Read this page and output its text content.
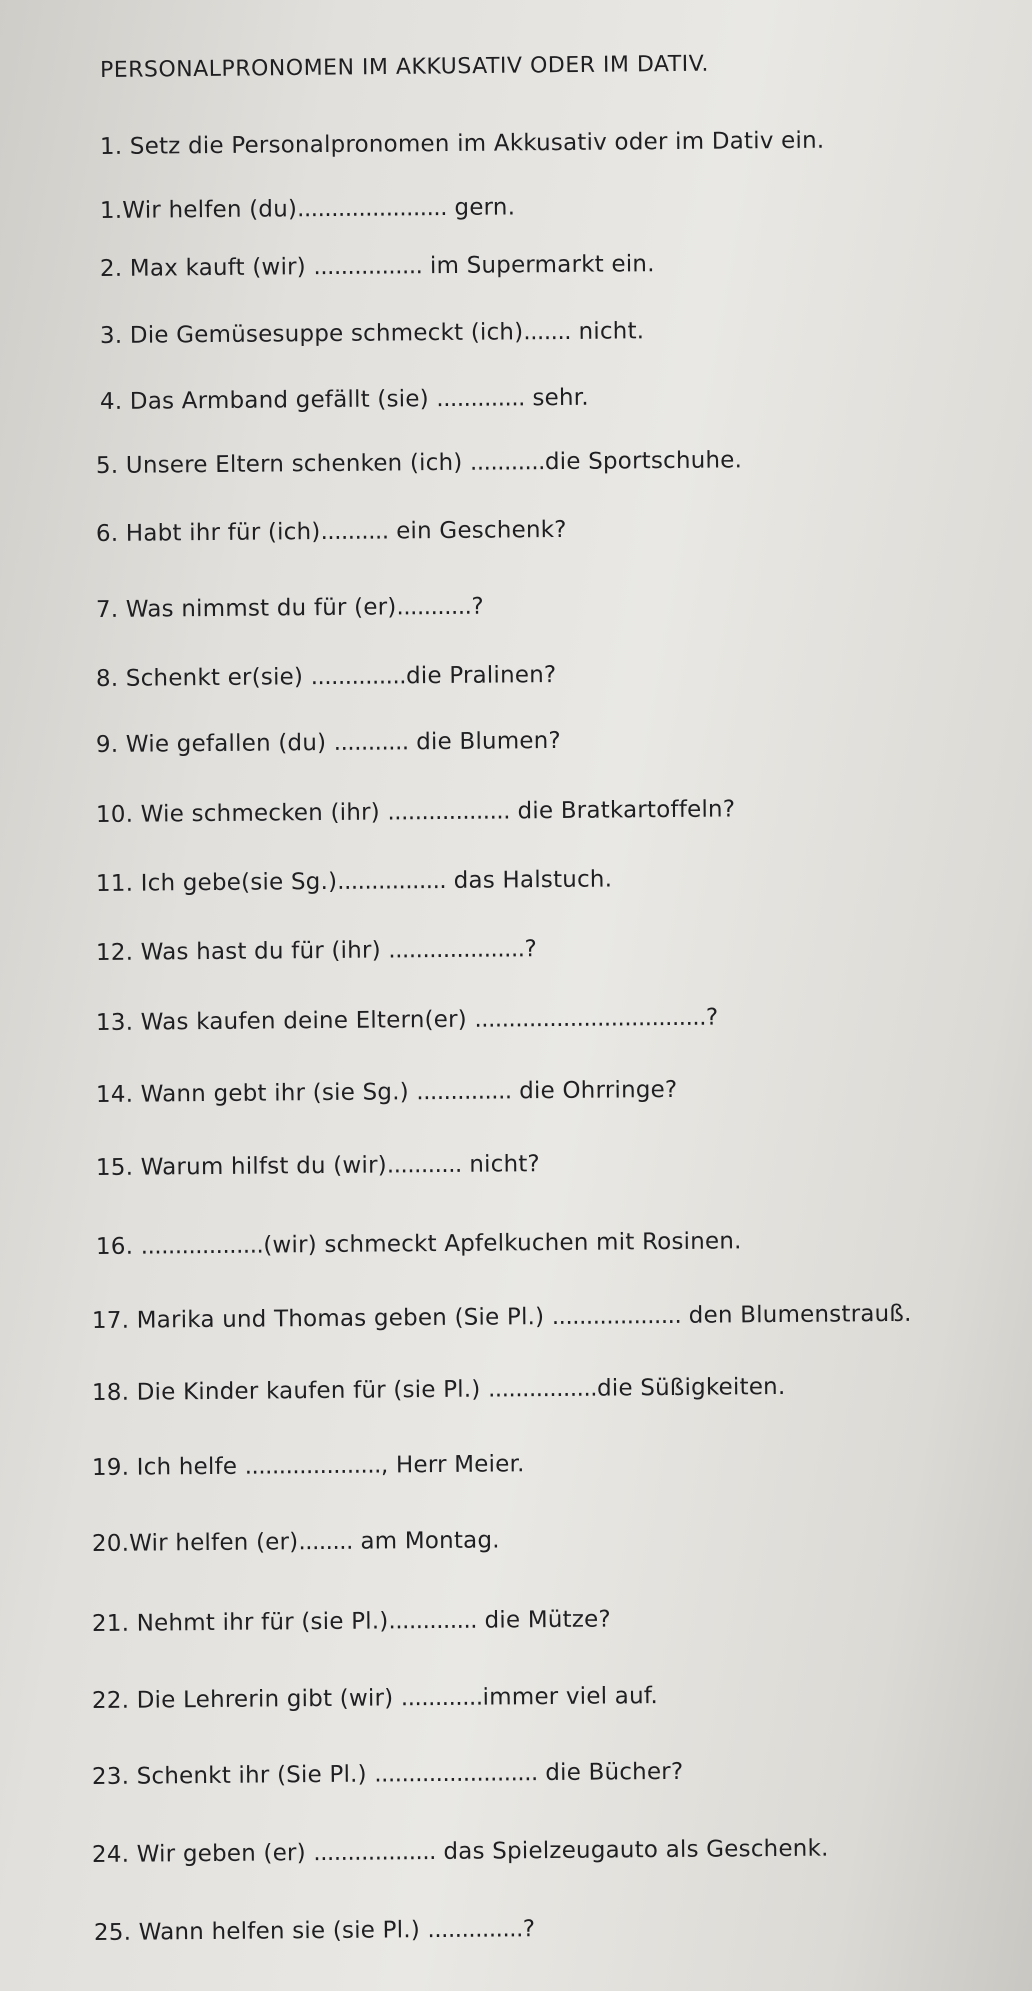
PERSONALPRONOMEN IM AKKUSATIV ODER IM DATIV.
1. Setz die Personalpronomen im Akkusativ oder im Dativ ein.
1.Wir helfen (du)...................... gern.
2. Max kauft (wir) ................ im Supermarkt ein.
3. Die Gemüsesuppe schmeckt (ich)....... nicht.
4. Das Armband gefällt (sie) ............. sehr.
5. Unsere Eltern schenken (ich) ...........die Sportschuhe.
6. Habt ihr für (ich).......... ein Geschenk?
7. Was nimmst du für (er)...........?
8. Schenkt er(sie) ..............die Pralinen?
9. Wie gefallen (du) ........... die Blumen?
10. Wie schmecken (ihr) .................. die Bratkartoffeln?
11. Ich gebe(sie Sg.)................ das Halstuch.
12. Was hast du für (ihr) ....................?
13. Was kaufen deine Eltern(er) ..................................?
14. Wann gebt ihr (sie Sg.) .............. die Ohrringe?
15. Warum hilfst du (wir)........... nicht?
16. ..................(wir) schmeckt Apfelkuchen mit Rosinen.
17. Marika und Thomas geben (Sie Pl.) ................... den Blumenstrauß.
18. Die Kinder kaufen für (sie Pl.) ................die Süßigkeiten.
19. Ich helfe ...................., Herr Meier.
20.Wir helfen (er)........ am Montag.
21. Nehmt ihr für (sie Pl.)............. die Mütze?
22. Die Lehrerin gibt (wir) ............immer viel auf.
23. Schenkt ihr (Sie Pl.) ........................ die Bücher?
24. Wir geben (er) .................. das Spielzeugauto als Geschenk.
25. Wann helfen sie (sie Pl.) ..............?
